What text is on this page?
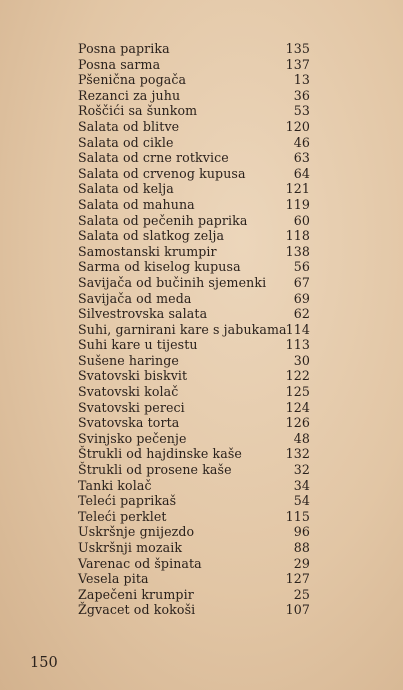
Posna paprika	135
Posna sarma	137
Pšenična pogača	13
Rezanci za juhu	36
Roščići sa šunkom	53
Salata od blitve	120
Salata od cikle	46
Salata od crne rotkvice	63
Salata od crvenog kupusa	64
Salata od kelja	121
Salata od mahuna	119
Salata od pečenih paprika	60
Salata od slatkog zelja	118
Samostanski krumpir	138
Sarma od kiselog kupusa	56
Savijača od bučinih sjemenki 67
Savijača od meda	69
Silvestrovska salata	62
Suhi, garnirani kare s jabukama 114
Suhi kare u tijestu	113
Sušene haringe	30
Svatovski biskvit	122
Svatovski kolač	125
Svatovski pereci	124
Svatovska torta	126
Svinjsko pečenje	48
Štrukli od hajdinske kaše	132
Štrukli od prosene kaše	32
Tanki kolač	34
Teleći paprikaš	54
Teleći perklet	115
Uskršnje gnijezdo	96
Uskršnji mozaik	88
Varenac od špinata	29
Vesela pita	127
Zapečeni krumpir	25
Žgvacet od kokoši	107
150
